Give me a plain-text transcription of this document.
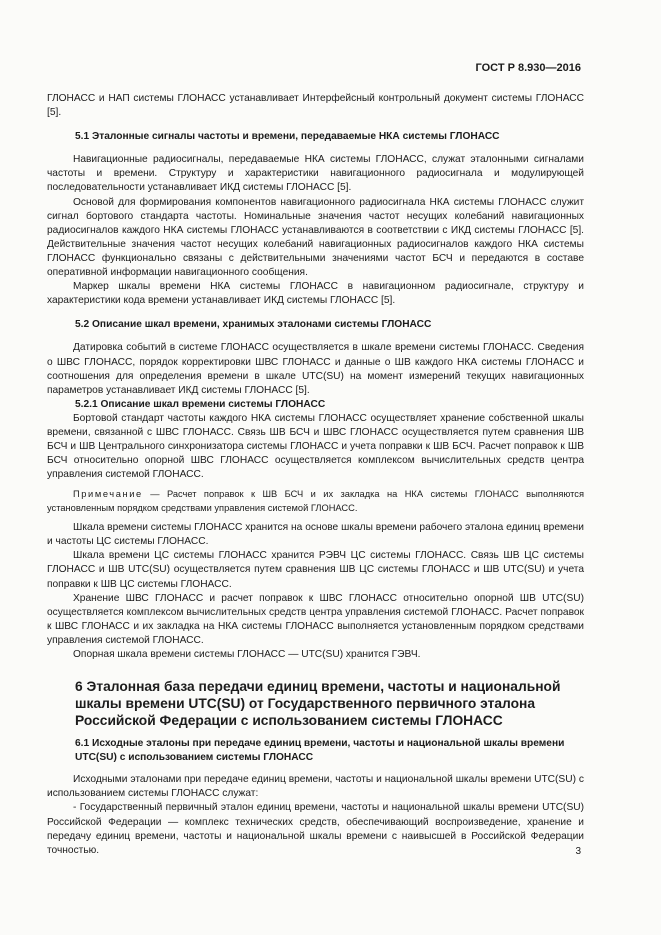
ГОСТ Р 8.930—2016

ГЛОНАСС и НАП системы ГЛОНАСС устанавливает Интерфейсный контрольный документ системы ГЛОНАСС [5].

5.1 Эталонные сигналы частоты и времени, передаваемые НКА системы ГЛОНАСС

Навигационные радиосигналы, передаваемые НКА системы ГЛОНАСС, служат эталонными сигналами частоты и времени. Структуру и характеристики навигационного радиосигнала и модулирующей последовательности устанавливает ИКД системы ГЛОНАСС [5].

Основой для формирования компонентов навигационного радиосигнала НКА системы ГЛОНАСС служит сигнал бортового стандарта частоты. Номинальные значения частот несущих колебаний навигационных радиосигналов каждого НКА системы ГЛОНАСС устанавливаются в соответствии с ИКД системы ГЛОНАСС [5]. Действительные значения частот несущих колебаний навигационных радиосигналов каждого НКА системы ГЛОНАСС функционально связаны с действительными значениями частот БСЧ и передаются в составе оперативной информации навигационного сообщения.

Маркер шкалы времени НКА системы ГЛОНАСС в навигационном радиосигнале, структуру и характеристики кода времени устанавливает ИКД системы ГЛОНАСС [5].

5.2 Описание шкал времени, хранимых эталонами системы ГЛОНАСС

Датировка событий в системе ГЛОНАСС осуществляется в шкале времени системы ГЛОНАСС. Сведения о ШВС ГЛОНАСС, порядок корректировки ШВС ГЛОНАСС и данные о ШВ каждого НКА системы ГЛОНАСС и соотношения для определения времени в шкале UTC(SU) на момент измерений текущих навигационных параметров устанавливает ИКД системы ГЛОНАСС [5].

5.2.1 Описание шкал времени системы ГЛОНАСС

Бортовой стандарт частоты каждого НКА системы ГЛОНАСС осуществляет хранение собственной шкалы времени, связанной с ШВС ГЛОНАСС. Связь ШВ БСЧ и ШВС ГЛОНАСС осуществляется путем сравнения ШВ БСЧ и ШВ Центрального синхронизатора системы ГЛОНАСС и учета поправки к ШВ БСЧ. Расчет поправок к ШВ БСЧ относительно опорной ШВС ГЛОНАСС осуществляется комплексом вычислительных средств центра управления системой ГЛОНАСС.

Примечание — Расчет поправок к ШВ БСЧ и их закладка на НКА системы ГЛОНАСС выполняются установленным порядком средствами управления системой ГЛОНАСС.

Шкала времени системы ГЛОНАСС хранится на основе шкалы времени рабочего эталона единиц времени и частоты ЦС системы ГЛОНАСС.

Шкала времени ЦС системы ГЛОНАСС хранится РЭВЧ ЦС системы ГЛОНАСС. Связь ШВ ЦС системы ГЛОНАСС и ШВ UTC(SU) осуществляется путем сравнения ШВ ЦС системы ГЛОНАСС и ШВ UTC(SU) и учета поправки к ШВ ЦС системы ГЛОНАСС.

Хранение ШВС ГЛОНАСС и расчет поправок к ШВС ГЛОНАСС относительно опорной ШВ UTC(SU) осуществляется комплексом вычислительных средств центра управления системой ГЛОНАСС. Расчет поправок к ШВС ГЛОНАСС и их закладка на НКА системы ГЛОНАСС выполняется установленным порядком средствами управления системой ГЛОНАСС.

Опорная шкала времени системы ГЛОНАСС — UTC(SU) хранится ГЭВЧ.

6 Эталонная база передачи единиц времени, частоты и национальной шкалы времени UTC(SU) от Государственного первичного эталона Российской Федерации с использованием системы ГЛОНАСС
6.1 Исходные эталоны при передаче единиц времени, частоты и национальной шкалы времени UTC(SU) с использованием системы ГЛОНАСС

Исходными эталонами при передаче единиц времени, частоты и национальной шкалы времени UTC(SU) с использованием системы ГЛОНАСС служат:

- Государственный первичный эталон единиц времени, частоты и национальной шкалы времени UTC(SU) Российской Федерации — комплекс технических средств, обеспечивающий воспроизведение, хранение и передачу единиц времени, частоты и национальной шкалы времени с наивысшей в Российской Федерации точностью.	3
